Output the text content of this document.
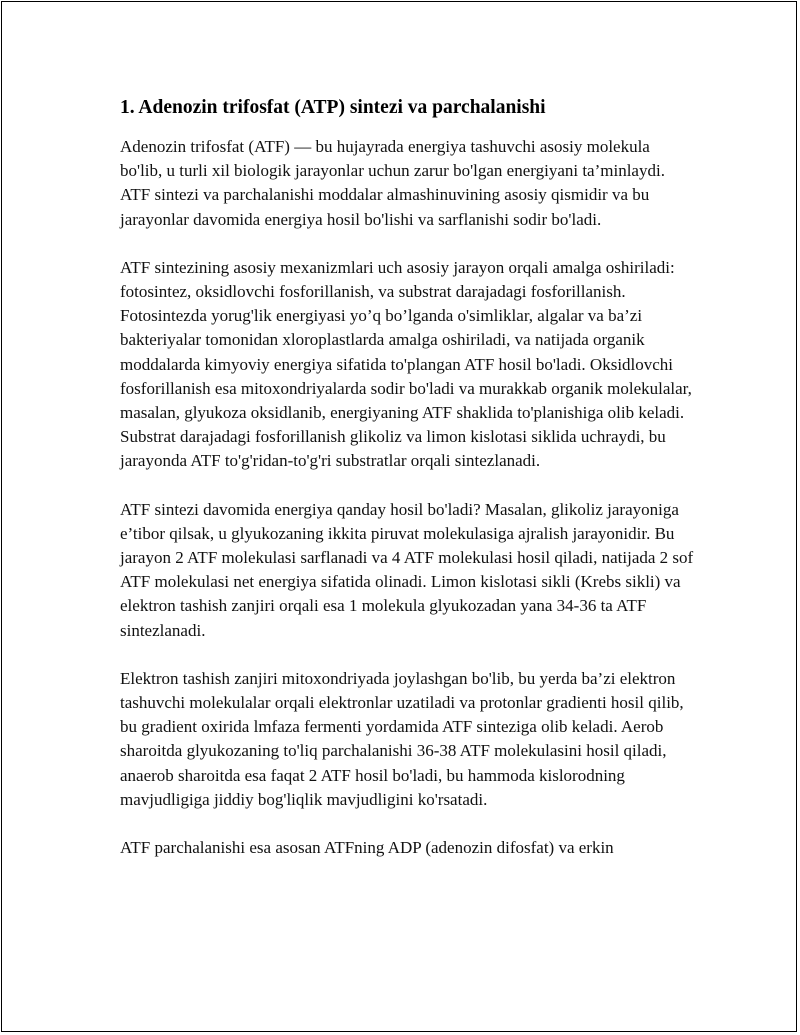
1. Adenozin trifosfat (ATP) sintezi va parchalanishi

Adenozin trifosfat (ATF) — bu hujayrada energiya tashuvchi asosiy molekula bo'lib, u turli xil biologik jarayonlar uchun zarur bo'lgan energiyani ta’minlaydi. ATF sintezi va parchalanishi moddalar almashinuvining asosiy qismidir va bu jarayonlar davomida energiya hosil bo'lishi va sarflanishi sodir bo'ladi.

ATF sintezining asosiy mexanizmlari uch asosiy jarayon orqali amalga oshiriladi: fotosintez, oksidlovchi fosforillanish, va substrat darajadagi fosforillanish. Fotosintezda yorug'lik energiyasi yo’q bo’lganda o'simliklar, algalar va ba’zi bakteriyalar tomonidan xloroplastlarda amalga oshiriladi, va natijada organik moddalarda kimyoviy energiya sifatida to'plangan ATF hosil bo'ladi. Oksidlovchi fosforillanish esa mitoxondriyalarda sodir bo'ladi va murakkab organik molekulalar, masalan, glyukoza oksidlanib, energiyaning ATF shaklida to'planishiga olib keladi. Substrat darajadagi fosforillanish glikoliz va limon kislotasi siklida uchraydi, bu jarayonda ATF to'g'ridan-to'g'ri substratlar orqali sintezlanadi.

ATF sintezi davomida energiya qanday hosil bo'ladi? Masalan, glikoliz jarayoniga e’tibor qilsak, u glyukozaning ikkita piruvat molekulasiga ajralish jarayonidir. Bu jarayon 2 ATF molekulasi sarflanadi va 4 ATF molekulasi hosil qiladi, natijada 2 sof ATF molekulasi net energiya sifatida olinadi. Limon kislotasi sikli (Krebs sikli) va elektron tashish zanjiri orqali esa 1 molekula glyukozadan yana 34-36 ta ATF sintezlanadi.

Elektron tashish zanjiri mitoxondriyada joylashgan bo'lib, bu yerda ba’zi elektron tashuvchi molekulalar orqali elektronlar uzatiladi va protonlar gradienti hosil qilib, bu gradient oxirida lmfaza fermenti yordamida ATF sinteziga olib keladi. Aerob sharoitda glyukozaning to'liq parchalanishi 36-38 ATF molekulasini hosil qiladi, anaerob sharoitda esa faqat 2 ATF hosil bo'ladi, bu hammoda kislorodning mavjudligiga jiddiy bog'liqlik mavjudligini ko'rsatadi.

ATF parchalanishi esa asosan ATFning ADP (adenozin difosfat) va erkin
